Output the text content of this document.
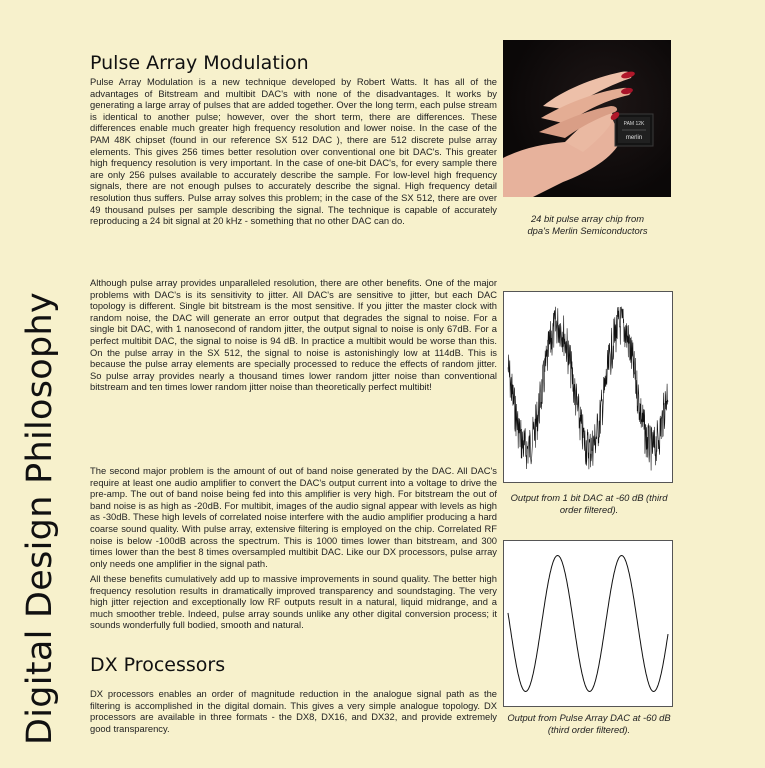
Digital Design Philosophy
Pulse Array Modulation

Pulse Array Modulation is a new technique developed by Robert Watts. It has all of the advantages of Bitstream and multibit DAC's with none of the disadvantages. It works by generating a large array of pulses that are added together. Over the long term, each pulse stream is identical to another pulse; however, over the short term, there are differences. These differences enable much greater high frequency resolution and lower noise. In the case of the PAM 48K chipset (found in our reference SX 512 DAC ), there are 512 discrete pulse array elements. This gives 256 times better resolution over conventional one bit DAC's. This greater high frequency resolution is very important. In the case of one-bit DAC's, for every sample there are only 256 pulses available to accurately describe the sample. For low-level high frequency signals, there are not enough pulses to accurately describe the signal. High frequency detail resolution thus suffers. Pulse array solves this problem; in the case of the SX 512, there are over 49 thousand pulses per sample describing the signal. The technique is capable of accurately reproducing a 24 bit signal at 20 kHz - something that no other DAC can do.

Although pulse array provides unparalleled resolution, there are other benefits. One of the major problems with DAC's is its sensitivity to jitter. All DAC's are sensitive to jitter, but each DAC topology is different. Single bit bitstream is the most sensitive. If you jitter the master clock with random noise, the DAC will generate an error output that degrades the signal to noise. For a single bit DAC, with 1 nanosecond of random jitter, the output signal to noise is only 67dB. For a perfect multibit DAC, the signal to noise is 94 dB. In practice a multibit would be worse than this. On the pulse array in the SX 512, the signal to noise is astonishingly low at 114dB. This is because the pulse array elements are specially processed to reduce the effects of random jitter. So pulse array provides nearly a thousand times lower random jitter noise than conventional bitstream and ten times lower random jitter noise than theoretically perfect multibit!

The second major problem is the amount of out of band noise generated by the DAC. All DAC's require at least one audio amplifier to convert the DAC's output current into a voltage to drive the pre-amp. The out of band noise being fed into this amplifier is very high. For bitstream the out of band noise is as high as -20dB. For multibit, images of the audio signal appear with levels as high as -30dB. These high levels of correlated noise interfere with the audio amplifier producing a hard coarse sound quality. With pulse array, extensive filtering is employed on the chip. Correlated RF noise is below -100dB across the spectrum. This is 1000 times lower than bitstream, and 300 times lower than the best 8 times oversampled multibit DAC. Like our DX processors, pulse array only needs one amplifier in the signal path.

All these benefits cumulatively add up to massive improvements in sound quality. The better high frequency resolution results in dramatically improved transparency and soundstaging. The very high jitter rejection and exceptionally low RF outputs result in a natural, liquid midrange, and a much smoother treble. Indeed, pulse array sounds unlike any other digital conversion process; it sounds wonderfully full bodied, smooth and natural.

DX Processors

DX processors enables an order of magnitude reduction in the analogue signal path as the filtering is accomplished in the digital domain. This gives a very simple analogue topology. DX processors are available in three formats - the DX8, DX16, and DX32, and provide extremely good transparency.

PAM 12K
merlin
24 bit pulse array chip from dpa's Merlin Semiconductors
Output from 1 bit DAC at -60 dB (third order filtered).
Output from Pulse Array DAC at -60 dB (third order filtered).
